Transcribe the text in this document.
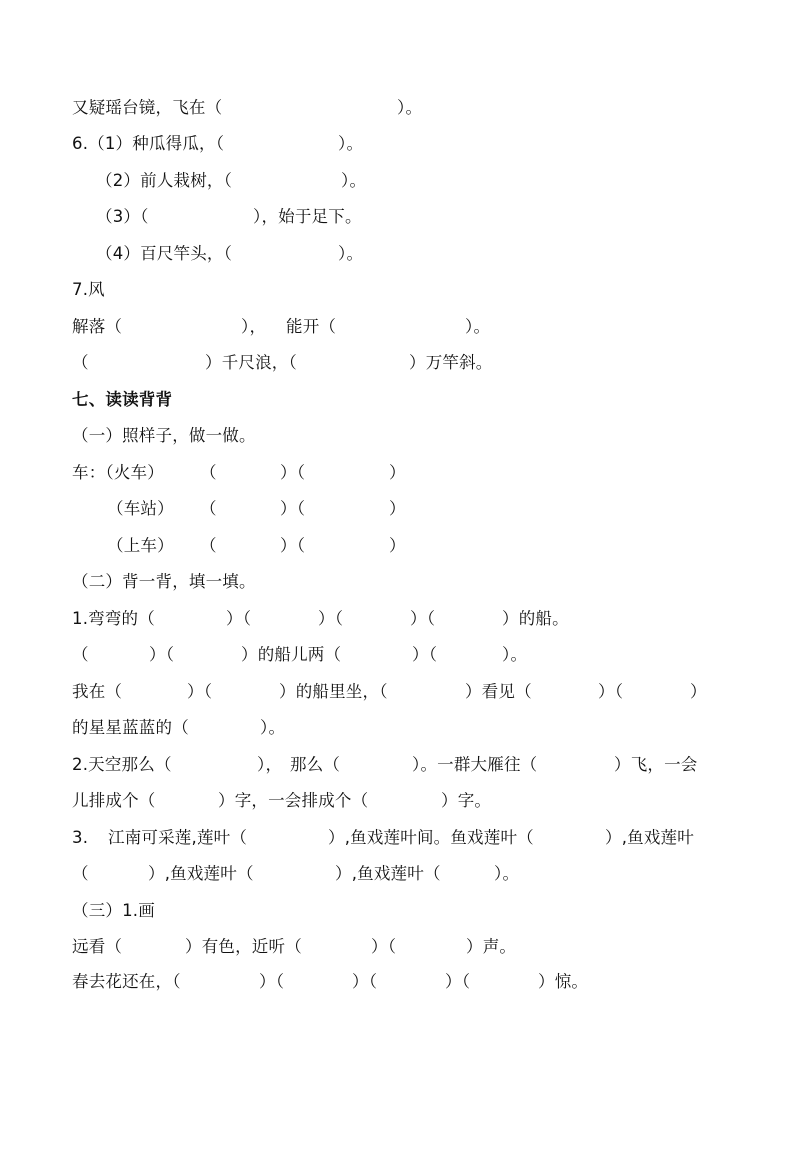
又疑瑶台镜，飞在（

	）。

6.（1）种瓜得瓜，（

	）。

（2）前人栽树，（

	）。

（3）（

	），始于足下。

（4）百尺竿头，（

	）。

7.风

解落（

	），

能开（

	）。

（

	）千尺浪，（

	）万竿斜。

七、读读背背

（一）照样子，做一做。

车：（火车）

（

	）（

	）

（车站）

（

	）（

	）

（上车）

（

	）（

	）

（二）背一背，填一填。

1.弯弯的（

	）（

	）（

	）（

	）的船。

（

	）（

	）的船儿两（

	）（

	）。

我在（

	）（

	）的船里坐，（

	）看见（

	）（

	）

的星星蓝蓝的（

	）。

2.天空那么（

	），

那么（

	）。一群大雁往（

	）飞，一会

儿排成个（

	）字，一会排成个（

	）字。

3.

江南可采莲,莲叶（

	）,鱼戏莲叶间。鱼戏莲叶（

	）,鱼戏莲叶

（

	）,鱼戏莲叶（

	）,鱼戏莲叶（

	）。

（三）1.画

远看（

	）有色，近听（

	）（

	）声。

春去花还在，（

	）（

	）（

	）（

	）惊。
